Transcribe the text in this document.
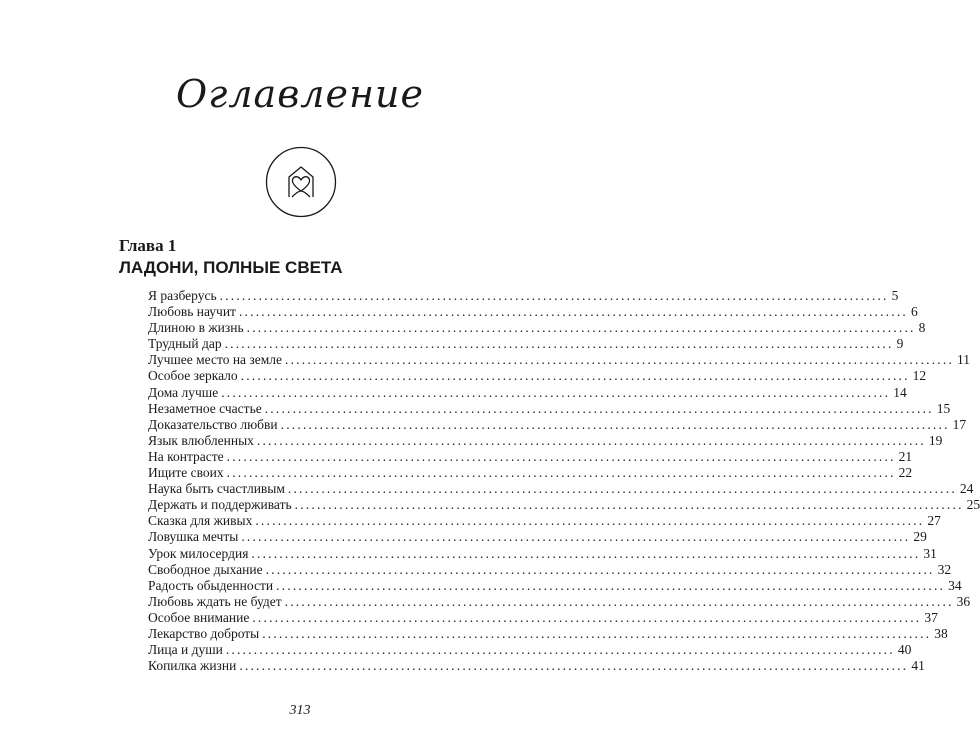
Оглавление
Глава 1
ЛАДОНИ, ПОЛНЫЕ СВЕТА
Я разберусь ........................................................................................................................ 5
Любовь научит ........................................................................................................................ 6
Длиною в жизнь ........................................................................................................................ 8
Трудный дар ........................................................................................................................ 9
Лучшее место на земле ........................................................................................................................ 11
Особое зеркало ........................................................................................................................ 12
Дома лучше ........................................................................................................................ 14
Незаметное счастье ........................................................................................................................ 15
Доказательство любви ........................................................................................................................ 17
Язык влюбленных ........................................................................................................................ 19
На контрасте ........................................................................................................................ 21
Ищите своих ........................................................................................................................ 22
Наука быть счастливым ........................................................................................................................ 24
Держать и поддерживать ........................................................................................................................ 25
Сказка для живых ........................................................................................................................ 27
Ловушка мечты ........................................................................................................................ 29
Урок милосердия ........................................................................................................................ 31
Свободное дыхание ........................................................................................................................ 32
Радость обыденности ........................................................................................................................ 34
Любовь ждать не будет ........................................................................................................................ 36
Особое внимание ........................................................................................................................ 37
Лекарство доброты ........................................................................................................................ 38
Лица и души ........................................................................................................................ 40
Копилка жизни ........................................................................................................................ 41
313
